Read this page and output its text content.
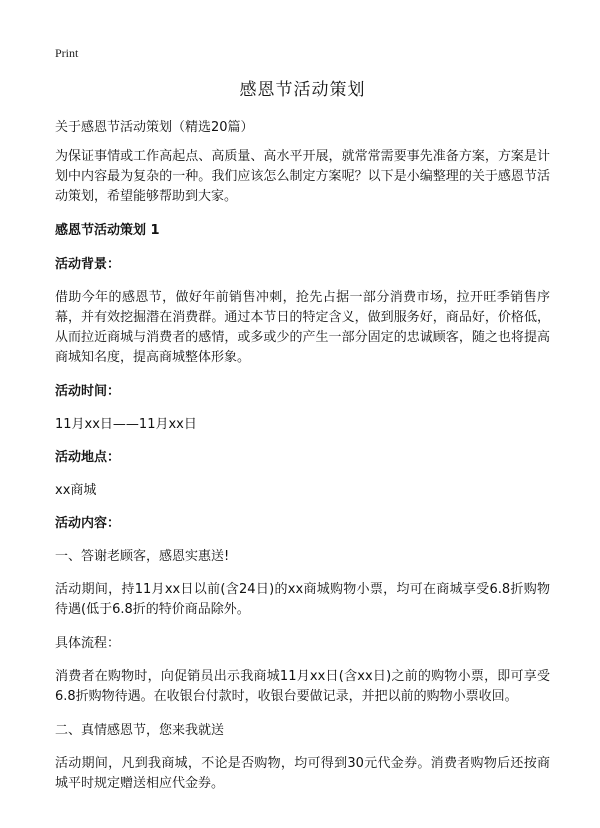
Print
感恩节活动策划
关于感恩节活动策划（精选20篇）

为保证事情或工作高起点、高质量、高水平开展，就常常需要事先准备方案，方案是计划中内容最为复杂的一种。我们应该怎么制定方案呢？以下是小编整理的关于感恩节活动策划，希望能够帮助到大家。

感恩节活动策划 1
活动背景：

借助今年的感恩节，做好年前销售冲刺，抢先占据一部分消费市场，拉开旺季销售序幕，并有效挖掘潜在消费群。通过本节日的特定含义，做到服务好，商品好，价格低，从而拉近商城与消费者的感情，或多或少的产生一部分固定的忠诚顾客，随之也将提高商城知名度，提高商城整体形象。

活动时间：
11月xx日——11月xx日
活动地点：
xx商城
活动内容：
一、答谢老顾客，感恩实惠送!

活动期间，持11月xx日以前(含24日)的xx商城购物小票，均可在商城享受6.8折购物待遇(低于6.8折的特价商品除外。

具体流程：

消费者在购物时，向促销员出示我商城11月xx日(含xx日)之前的购物小票，即可享受6.8折购物待遇。在收银台付款时，收银台要做记录，并把以前的购物小票收回。

二、真情感恩节，您来我就送

活动期间，凡到我商城，不论是否购物，均可得到30元代金券。消费者购物后还按商城平时规定赠送相应代金券。
